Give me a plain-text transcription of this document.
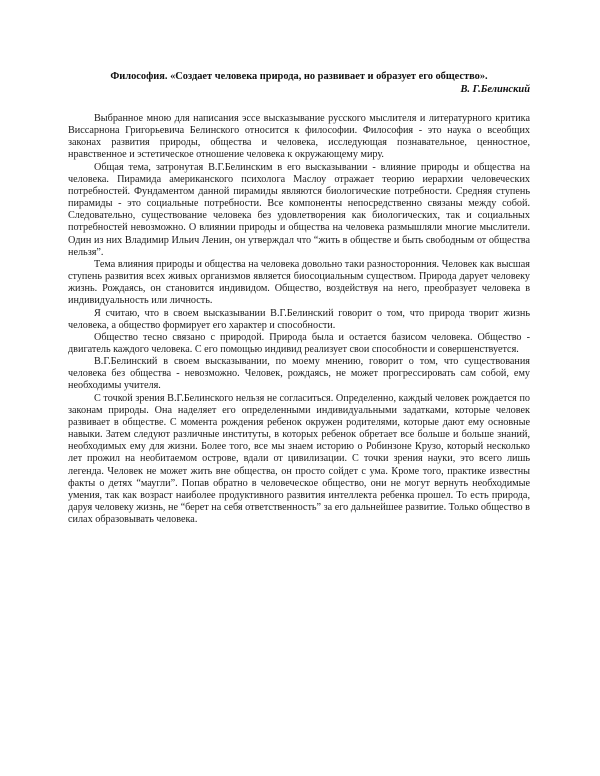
Философия. «Создает человека природа, но развивает и образует его общество».

В. Г.Белинский

Выбранное мною для написания эссе высказывание русского мыслителя и литературного критика Виссарнона Григорьевича Белинского относится к философии. Философия - это наука о всеобщих законах развития природы, общества и человека, исследующая познавательное, ценностное, нравственное и эстетическое отношение человека к окружающему миру.

Общая тема, затронутая В.Г.Белинским в его высказывании - влияние природы и общества на человека. Пирамида американского психолога Маслоу отражает теорию иерархии человеческих потребностей. Фундаментом данной пирамиды являются биологические потребности. Средняя ступень пирамиды - это социальные потребности. Все компоненты непосредственно связаны между собой. Следовательно, существование человека без удовлетворения как биологических, так и социальных потребностей невозможно. О влиянии природы и общества на человека размышляли многие мыслители. Один из них Владимир Ильич Ленин, он утверждал что “жить в обществе и быть свободным от общества нельзя”.

Тема влияния природы и общества на человека довольно таки разносторонния. Человек как высшая ступень развития всех живых организмов является биосоциальным существом. Природа дарует человеку жизнь. Рождаясь, он становится индивидом. Общество, воздействуя на него, преобразует человека в индивидуальность или личность.

Я считаю, что в своем высказывании В.Г.Белинский говорит о том, что природа творит жизнь человека, а общество формирует его характер и способности.

Общество тесно связано с природой. Природа была и остается базисом человека. Общество - двигатель каждого человека. С его помощью индивид реализует свои способности и совершенствуется.

В.Г.Белинский в своем высказывании, по моему мнению, говорит о том, что существования человека без общества - невозможно. Человек, рождаясь, не может прогрессировать сам собой, ему необходимы учителя.

С точкой зрения В.Г.Белинского нельзя не согласиться. Определенно, каждый человек рождается по законам природы. Она наделяет его определенными индивидуальными задатками, которые человек развивает в обществе. С момента рождения ребенок окружен родителями, которые дают ему основные навыки. Затем следуют различные институты, в которых ребенок обретает все больше и больше знаний, необходимых ему для жизни. Более того, все мы знаем историю о Робинзоне Крузо, который несколько лет прожил на необитаемом острове, вдали от цивилизации. С точки зрения науки, это всего лишь легенда. Человек не может жить вне общества, он просто сойдет с ума. Кроме того, практике известны факты о детях “маугли”. Попав обратно в человеческое общество, они не могут вернуть необходимые умения, так как возраст наиболее продуктивного развития интеллекта ребенка прошел. То есть природа, даруя человеку жизнь, не “берет на себя ответственность” за его дальнейшее развитие. Только общество в силах образовывать человека.
